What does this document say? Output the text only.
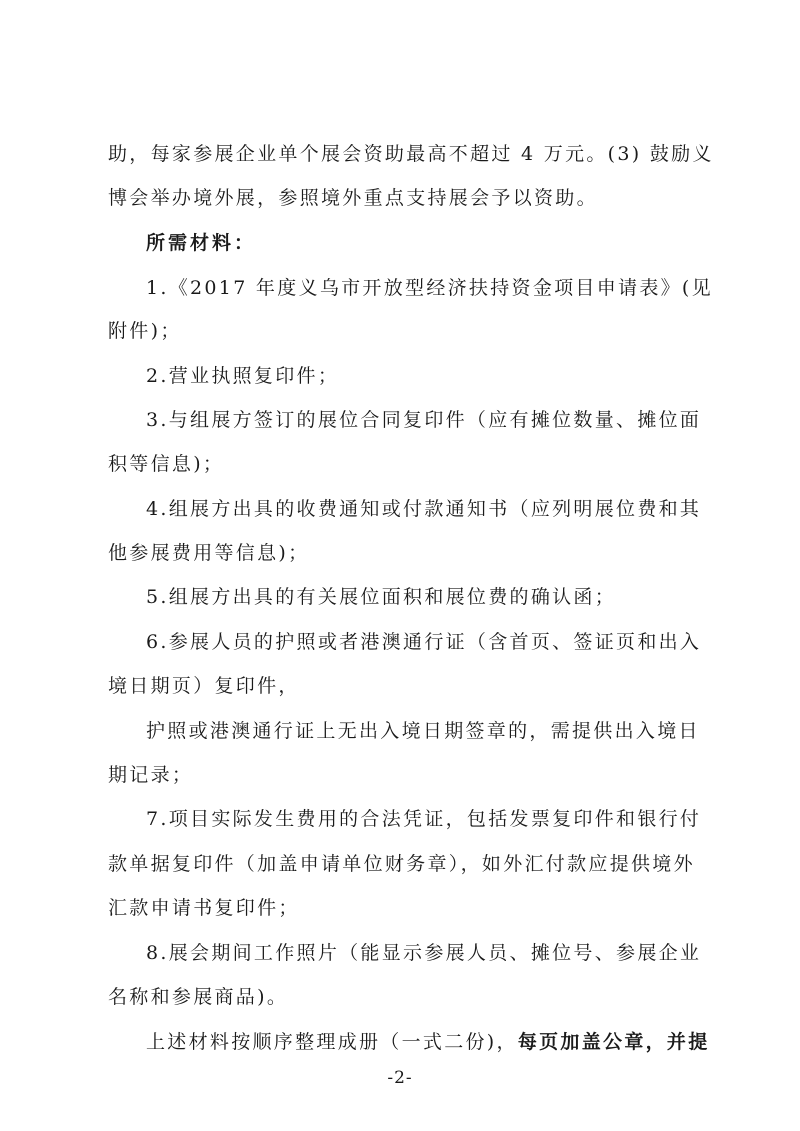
助，每家参展企业单个展会资助最高不超过 4 万元。(3) 鼓励义
博会举办境外展，参照境外重点支持展会予以资助。
所需材料：
1.《2017 年度义乌市开放型经济扶持资金项目申请表》(见
附件)；
2.营业执照复印件；
3.与组展方签订的展位合同复印件（应有摊位数量、摊位面
积等信息)；
4.组展方出具的收费通知或付款通知书（应列明展位费和其
他参展费用等信息)；
5.组展方出具的有关展位面积和展位费的确认函；
6.参展人员的护照或者港澳通行证（含首页、签证页和出入
境日期页）复印件，
护照或港澳通行证上无出入境日期签章的，需提供出入境日
期记录；
7.项目实际发生费用的合法凭证，包括发票复印件和银行付
款单据复印件（加盖申请单位财务章），如外汇付款应提供境外
汇款申请书复印件；
8.展会期间工作照片（能显示参展人员、摊位号、参展企业
名称和参展商品)。
上述材料按顺序整理成册（一式二份)，每页加盖公章，并提
-2-
